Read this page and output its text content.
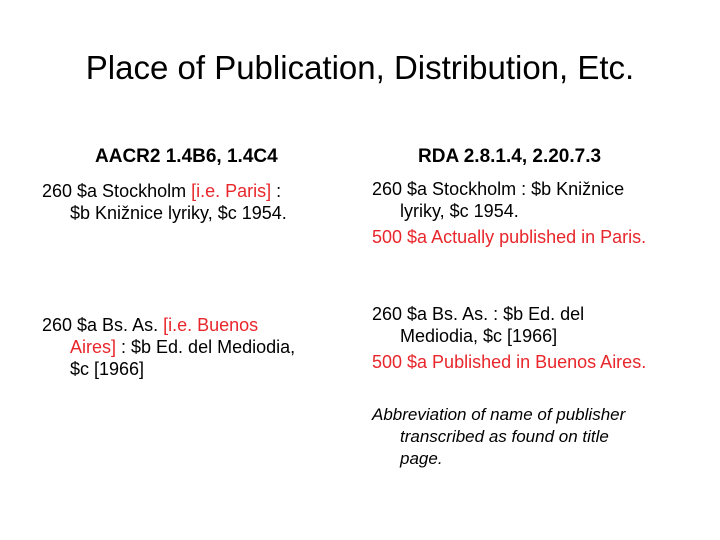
Place of Publication, Distribution, Etc.
AACR2 1.4B6, 1.4C4	RDA 2.8.1.4, 2.20.7.3
260 $a Stockholm [i.e. Paris] :
$b Knižnice lyriky, $c 1954.
260 $a Bs. As. [i.e. Buenos
Aires] : $b Ed. del Mediodia,
$c [1966]
260 $a Stockholm : $b Knižnice
lyriky, $c 1954.
500 $a Actually published in Paris.
260 $a Bs. As. : $b Ed. del
Mediodia, $c [1966]
500 $a Published in Buenos Aires.
Abbreviation of name of publisher
transcribed as found on title
page.
